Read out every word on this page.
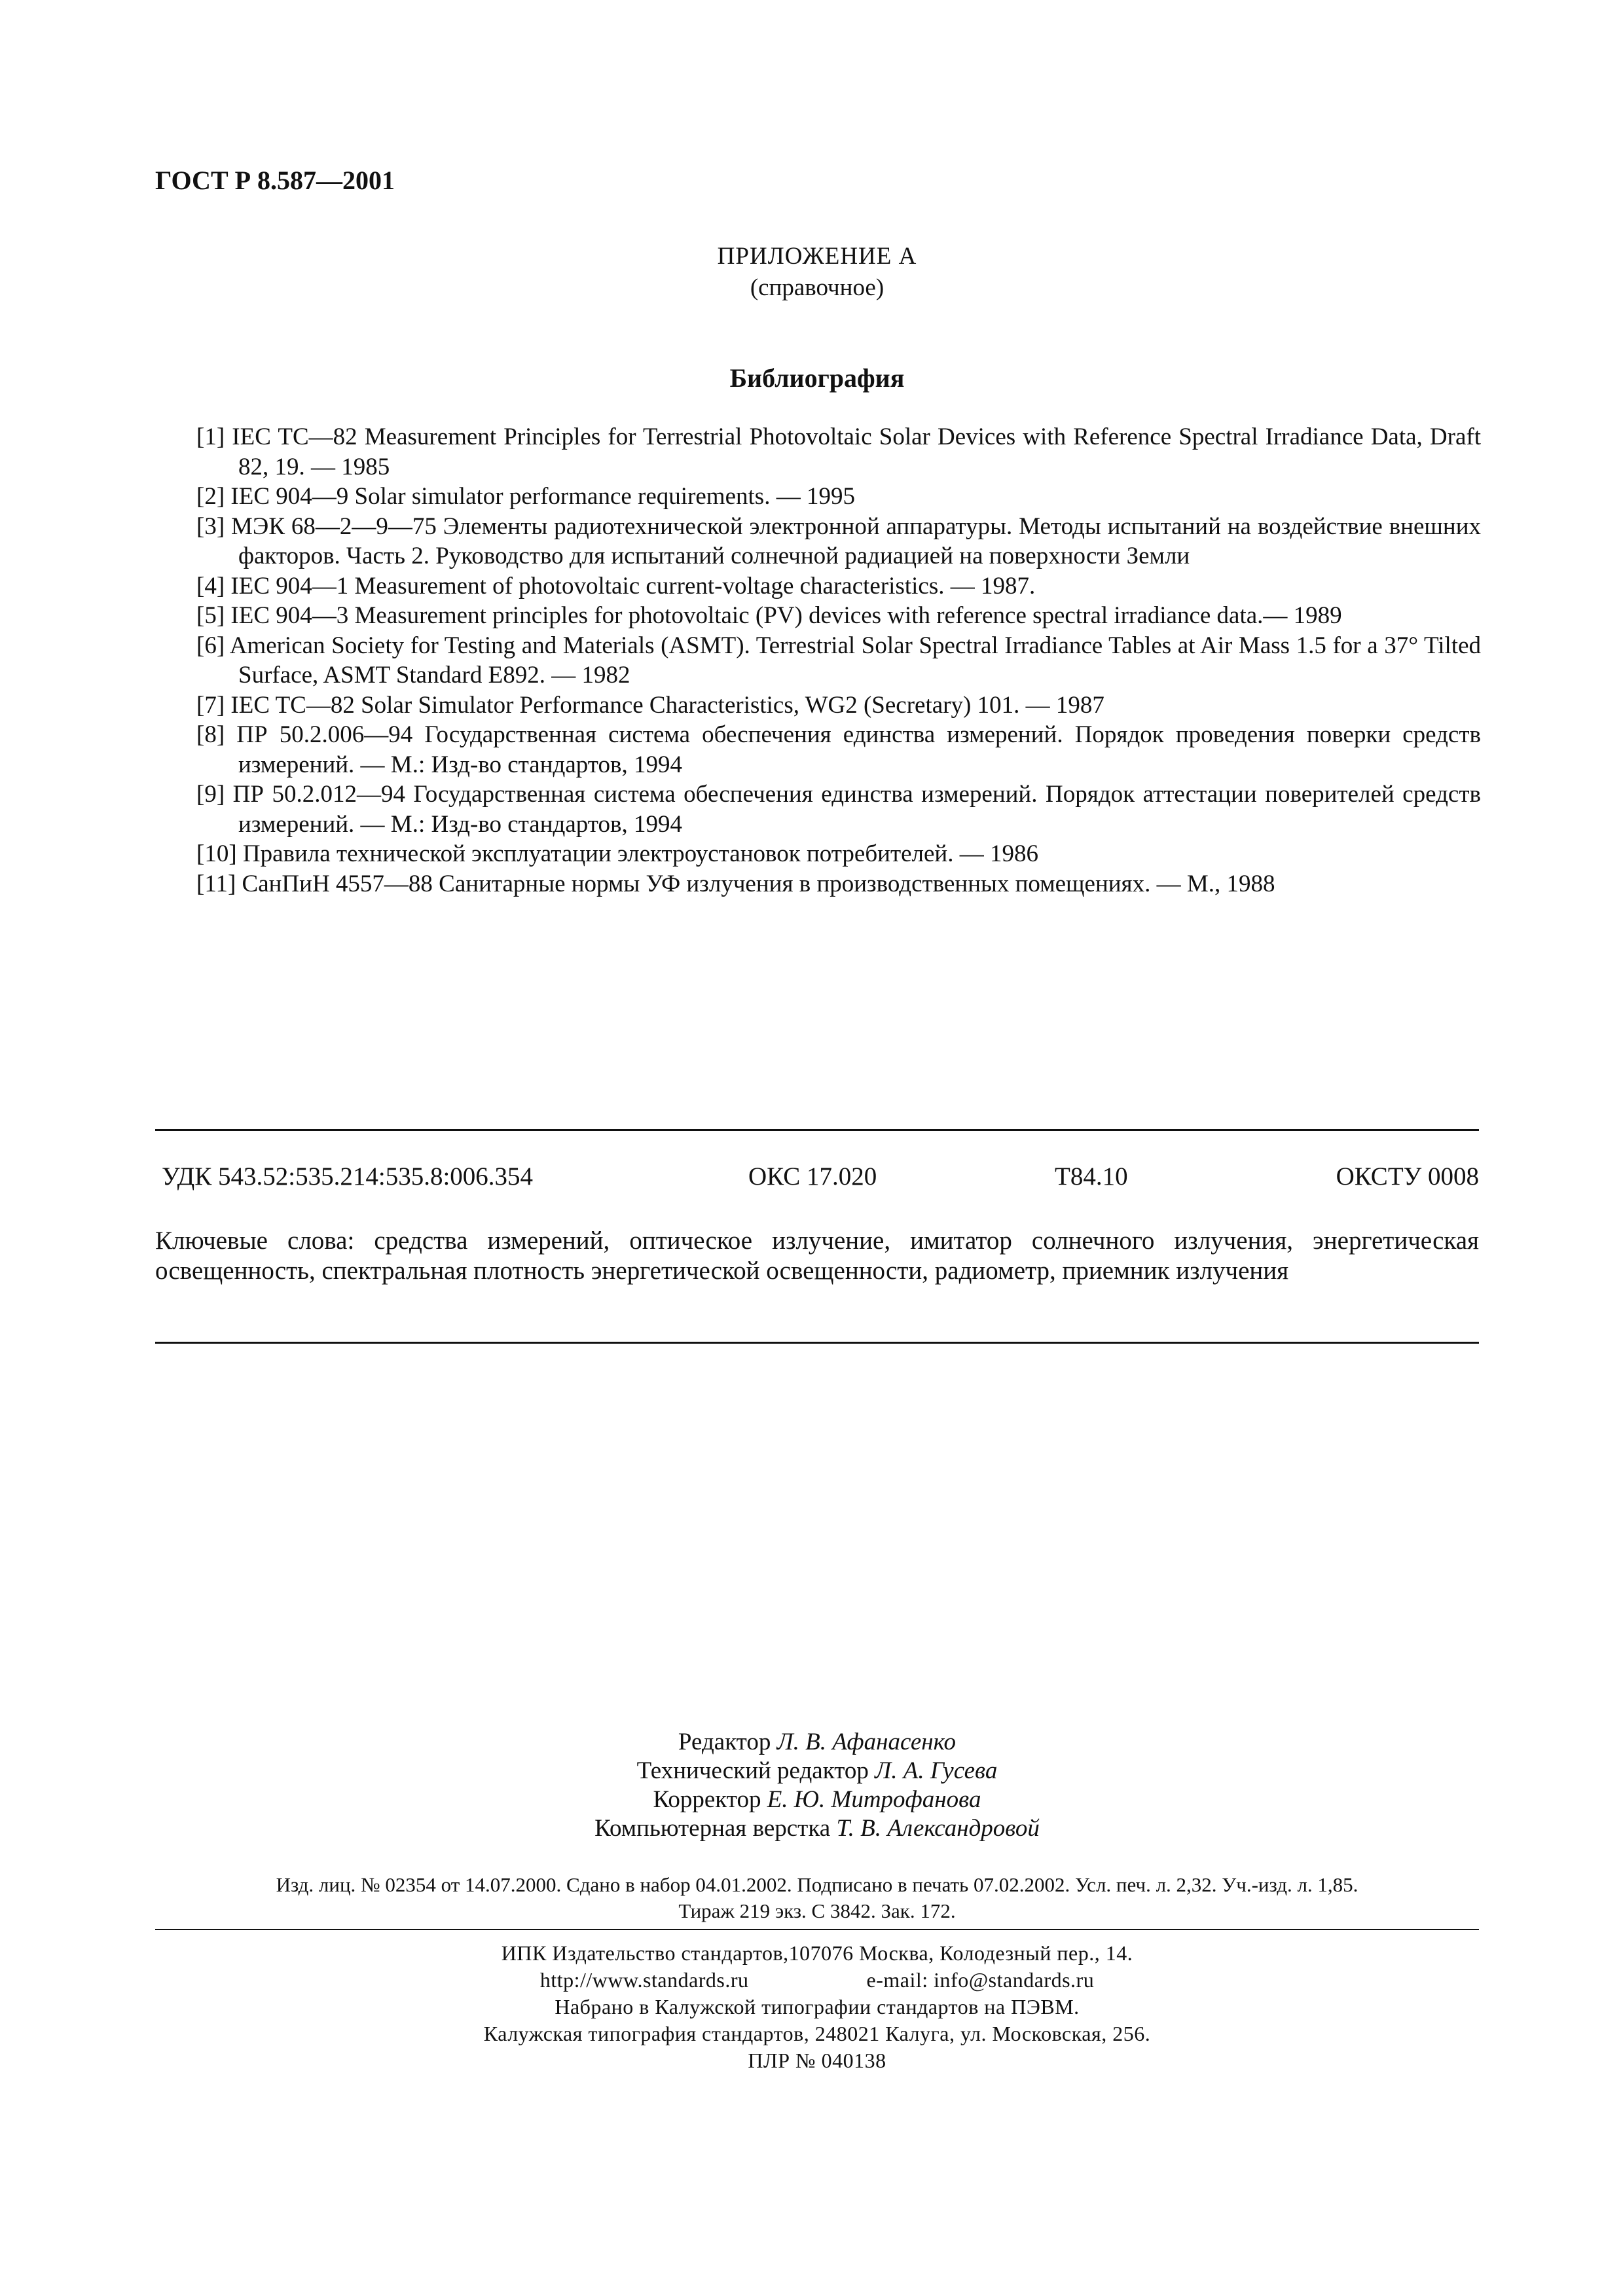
ГОСТ Р 8.587—2001
ПРИЛОЖЕНИЕ А
(справочное)
Библиография
[1] IEC TC—82 Measurement Principles for Terrestrial Photovoltaic Solar Devices with Reference Spectral Irradiance Data, Draft 82, 19. — 1985
[2] IEC 904—9 Solar simulator performance requirements. — 1995
[3] МЭК 68—2—9—75 Элементы радиотехнической электронной аппаратуры. Методы испытаний на воздействие внешних факторов. Часть 2. Руководство для испытаний солнечной радиацией на поверхности Земли
[4] IEC 904—1 Measurement of photovoltaic current-voltage characteristics. — 1987.
[5] IEC 904—3 Measurement principles for photovoltaic (PV) devices with reference spectral irradiance data.— 1989
[6] American Society for Testing and Materials (ASMT). Terrestrial Solar Spectral Irradiance Tables at Air Mass 1.5 for a 37° Tilted Surface, ASMT Standard E892. — 1982
[7] IEC TC—82 Solar Simulator Performance Characteristics, WG2 (Secretary) 101. — 1987
[8] ПР 50.2.006—94 Государственная система обеспечения единства измерений. Порядок проведения поверки средств измерений. — М.: Изд-во стандартов, 1994
[9] ПР 50.2.012—94 Государственная система обеспечения единства измерений. Порядок аттестации поверителей средств измерений. — М.: Изд-во стандартов, 1994
[10] Правила технической эксплуатации электроустановок потребителей. — 1986
[11] СанПиН 4557—88 Санитарные нормы УФ излучения в производственных помещениях. — М., 1988
УДК 543.52:535.214:535.8:006.354	ОКС 17.020	Т84.10	ОКСТУ 0008
Ключевые слова: средства измерений, оптическое излучение, имитатор солнечного излучения, энергетическая освещенность, спектральная плотность энергетической освещенности, радиометр, приемник излучения
Редактор Л. В. Афанасенко
Технический редактор Л. А. Гусева
Корректор Е. Ю. Митрофанова
Компьютерная верстка Т. В. Александровой
Изд. лиц. № 02354 от 14.07.2000. Сдано в набор 04.01.2002. Подписано в печать 07.02.2002. Усл. печ. л. 2,32. Уч.-изд. л. 1,85.
Тираж 219 экз. С 3842. Зак. 172.
ИПК Издательство стандартов,107076 Москва, Колодезный пер., 14.
http://www.standards.ru	e-mail: info@standards.ru
Набрано в Калужской типографии стандартов на ПЭВМ.
Калужская типография стандартов, 248021 Калуга, ул. Московская, 256.
ПЛР № 040138
